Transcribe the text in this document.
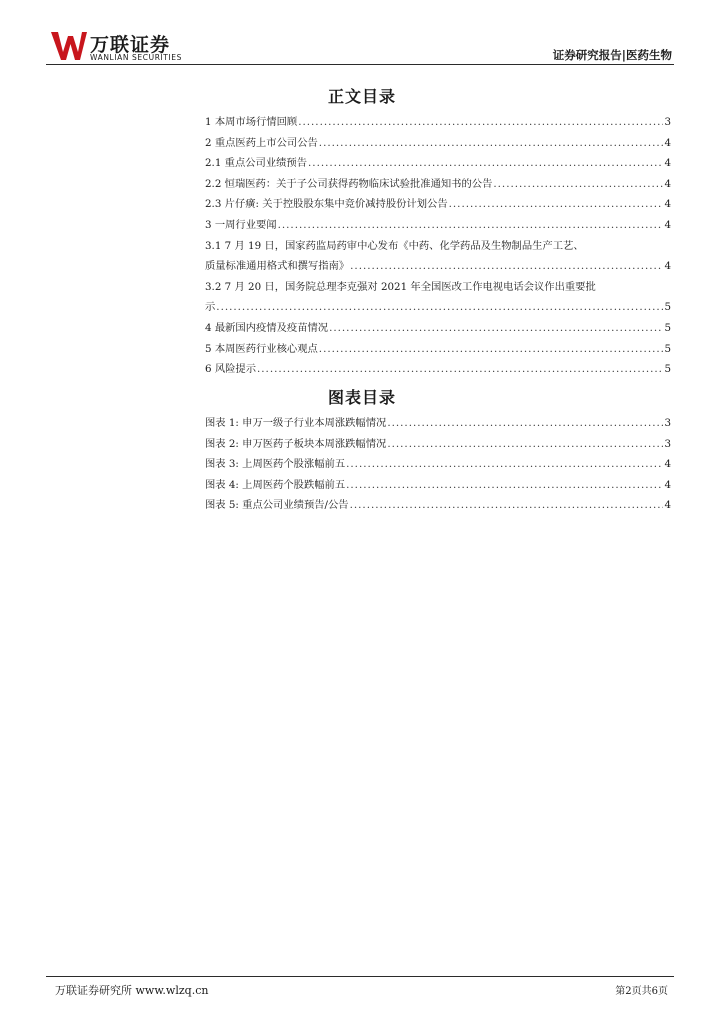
万联证券
WANLIAN SECURITIES	证券研究报告|医药生物
正文目录
1 本周市场行情回顾 .....	3
2 重点医药上市公司公告 .....	4
2.1 重点公司业绩预告 .....	4
2.2 恒瑞医药：关于子公司获得药物临床试验批准通知书的公告 .....	4
2.3 片仔癀: 关于控股股东集中竞价减持股份计划公告 .....	4
3 一周行业要闻 .....	4
3.1 7 月 19 日，国家药监局药审中心发布《中药、化学药品及生物制品生产工艺、
质量标准通用格式和撰写指南》 .....	4
3.2 7 月 20 日，国务院总理李克强对 2021 年全国医改工作电视电话会议作出重要批
示 .....	5
4 最新国内疫情及疫苗情况 .....	5
5 本周医药行业核心观点 .....	5
6 风险提示 .....	5
图表目录
图表 1: 申万一级子行业本周涨跌幅情况 .....	3
图表 2: 申万医药子板块本周涨跌幅情况 .....	3
图表 3: 上周医药个股涨幅前五 .....	4
图表 4: 上周医药个股跌幅前五 .....	4
图表 5: 重点公司业绩预告/公告 .....	4
万联证券研究所 www.wlzq.cn	第2页共6页
